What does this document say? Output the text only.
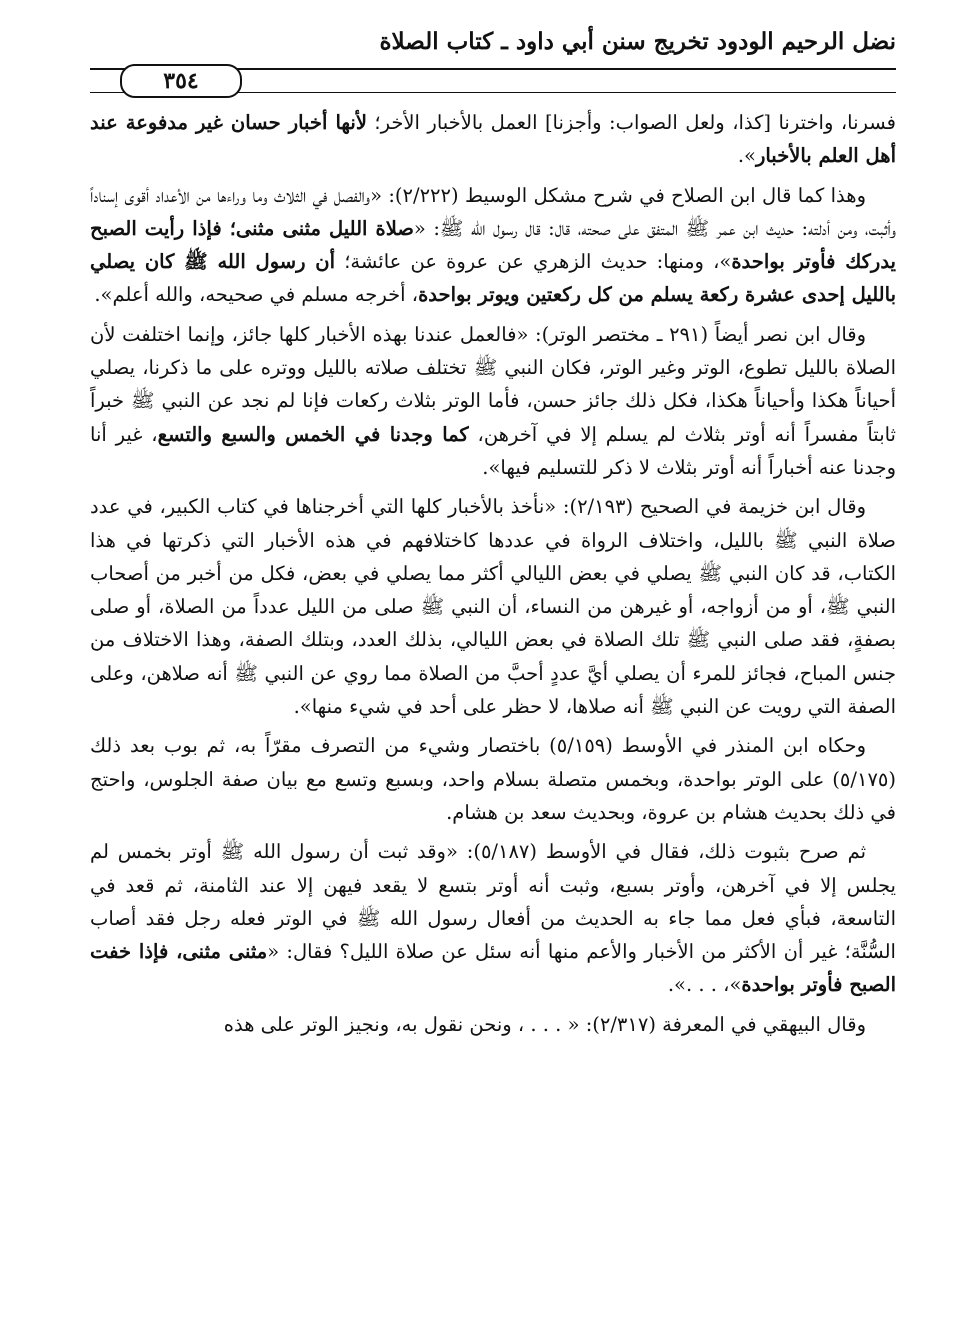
نضل الرحيم الودود تخريج سنن أبي داود ـ كتاب الصلاة
٣٥٤

فسرنا، واخترنا [كذا، ولعل الصواب: وأجزنا] العمل بالأخبار الأخر؛ لأنها أخبار حسان غير مدفوعة عند أهل العلم بالأخبار».

وهذا كما قال ابن الصلاح في شرح مشكل الوسيط (٢/٢٢٢): «والفصل في الثلاث وما وراءها من الأعداد أقوى إسناداً وأثبت، ومن أدلته: حديث ابن عمر ﷺ المتفق على صحته، قال: قال رسول الله ﷺ: «صلاة الليل مثنى مثنى؛ فإذا رأيت الصبح يدركك فأوتر بواحدة»، ومنها: حديث الزهري عن عروة عن عائشة؛ أن رسول الله ﷺ كان يصلي بالليل إحدى عشرة ركعة يسلم من كل ركعتين ويوتر بواحدة، أخرجه مسلم في صحيحه، والله أعلم».

وقال ابن نصر أيضاً (٢٩١ ـ مختصر الوتر): «فالعمل عندنا بهذه الأخبار كلها جائز، وإنما اختلفت لأن الصلاة بالليل تطوع، الوتر وغير الوتر، فكان النبي ﷺ تختلف صلاته بالليل ووتره على ما ذكرنا، يصلي أحياناً هكذا وأحياناً هكذا، فكل ذلك جائز حسن، فأما الوتر بثلاث ركعات فإنا لم نجد عن النبي ﷺ خبراً ثابتاً مفسراً أنه أوتر بثلاث لم يسلم إلا في آخرهن، كما وجدنا في الخمس والسبع والتسع، غير أنا وجدنا عنه أخباراً أنه أوتر بثلاث لا ذكر للتسليم فيها».

وقال ابن خزيمة في الصحيح (٢/١٩٣): «نأخذ بالأخبار كلها التي أخرجناها في كتاب الكبير، في عدد صلاة النبي ﷺ بالليل، واختلاف الرواة في عددها كاختلافهم في هذه الأخبار التي ذكرتها في هذا الكتاب، قد كان النبي ﷺ يصلي في بعض الليالي أكثر مما يصلي في بعض، فكل من أخبر من أصحاب النبي ﷺ، أو من أزواجه، أو غيرهن من النساء، أن النبي ﷺ صلى من الليل عدداً من الصلاة، أو صلى بصفةٍ، فقد صلى النبي ﷺ تلك الصلاة في بعض الليالي، بذلك العدد، وبتلك الصفة، وهذا الاختلاف من جنس المباح، فجائز للمرء أن يصلي أيَّ عددٍ أحبَّ من الصلاة مما روي عن النبي ﷺ أنه صلاهن، وعلى الصفة التي رويت عن النبي ﷺ أنه صلاها، لا حظر على أحد في شيء منها».

وحكاه ابن المنذر في الأوسط (٥/١٥٩) باختصار وشيء من التصرف مقرّاً به، ثم بوب بعد ذلك (٥/١٧٥) على الوتر بواحدة، وبخمس متصلة بسلام واحد، وبسبع وتسع مع بيان صفة الجلوس، واحتج في ذلك بحديث هشام بن عروة، وبحديث سعد بن هشام.

ثم صرح بثبوت ذلك، فقال في الأوسط (٥/١٨٧): «وقد ثبت أن رسول الله ﷺ أوتر بخمس لم يجلس إلا في آخرهن، وأوتر بسبع، وثبت أنه أوتر بتسع لا يقعد فيهن إلا عند الثامنة، ثم قعد في التاسعة، فبأي فعل مما جاء به الحديث من أفعال رسول الله ﷺ في الوتر فعله رجل فقد أصاب السُّنَّة؛ غير أن الأكثر من الأخبار والأعم منها أنه سئل عن صلاة الليل؟ فقال: «مثنى مثنى، فإذا خفت الصبح فأوتر بواحدة»، . . .».

وقال البيهقي في المعرفة (٢/٣١٧): « . . . ، ونحن نقول به، ونجيز الوتر على هذه
